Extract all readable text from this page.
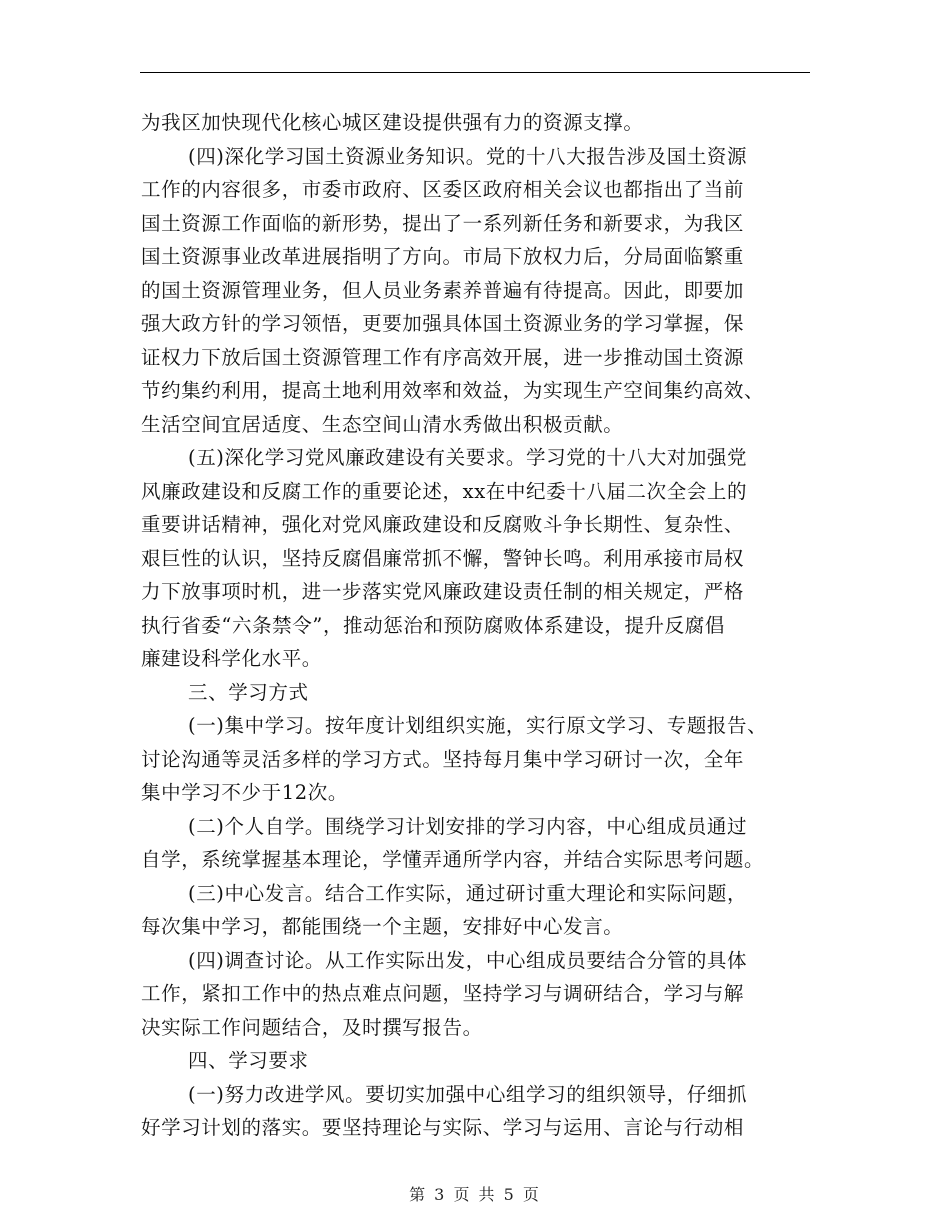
为我区加快现代化核心城区建设提供强有力的资源支撑。
(四)深化学习国土资源业务知识。党的十八大报告涉及国土资源
工作的内容很多，市委市政府、区委区政府相关会议也都指出了当前
国土资源工作面临的新形势，提出了一系列新任务和新要求，为我区
国土资源事业改革进展指明了方向。市局下放权力后，分局面临繁重
的国土资源管理业务，但人员业务素养普遍有待提高。因此，即要加
强大政方针的学习领悟，更要加强具体国土资源业务的学习掌握，保
证权力下放后国土资源管理工作有序高效开展，进一步推动国土资源
节约集约利用，提高土地利用效率和效益，为实现生产空间集约高效、
生活空间宜居适度、生态空间山清水秀做出积极贡献。
(五)深化学习党风廉政建设有关要求。学习党的十八大对加强党
风廉政建设和反腐工作的重要论述，xx在中纪委十八届二次全会上的
重要讲话精神，强化对党风廉政建设和反腐败斗争长期性、复杂性、
艰巨性的认识，坚持反腐倡廉常抓不懈，警钟长鸣。利用承接市局权
力下放事项时机，进一步落实党风廉政建设责任制的相关规定，严格
执行省委“六条禁令”，推动惩治和预防腐败体系建设，提升反腐倡
廉建设科学化水平。
三、学习方式
(一)集中学习。按年度计划组织实施，实行原文学习、专题报告、
讨论沟通等灵活多样的学习方式。坚持每月集中学习研讨一次，全年
集中学习不少于12次。
(二)个人自学。围绕学习计划安排的学习内容，中心组成员通过
自学，系统掌握基本理论，学懂弄通所学内容，并结合实际思考问题。
(三)中心发言。结合工作实际，通过研讨重大理论和实际问题，
每次集中学习，都能围绕一个主题，安排好中心发言。
(四)调查讨论。从工作实际出发，中心组成员要结合分管的具体
工作，紧扣工作中的热点难点问题，坚持学习与调研结合，学习与解
决实际工作问题结合，及时撰写报告。
四、学习要求
(一)努力改进学风。要切实加强中心组学习的组织领导，仔细抓
好学习计划的落实。要坚持理论与实际、学习与运用、言论与行动相
第 3 页 共 5 页
